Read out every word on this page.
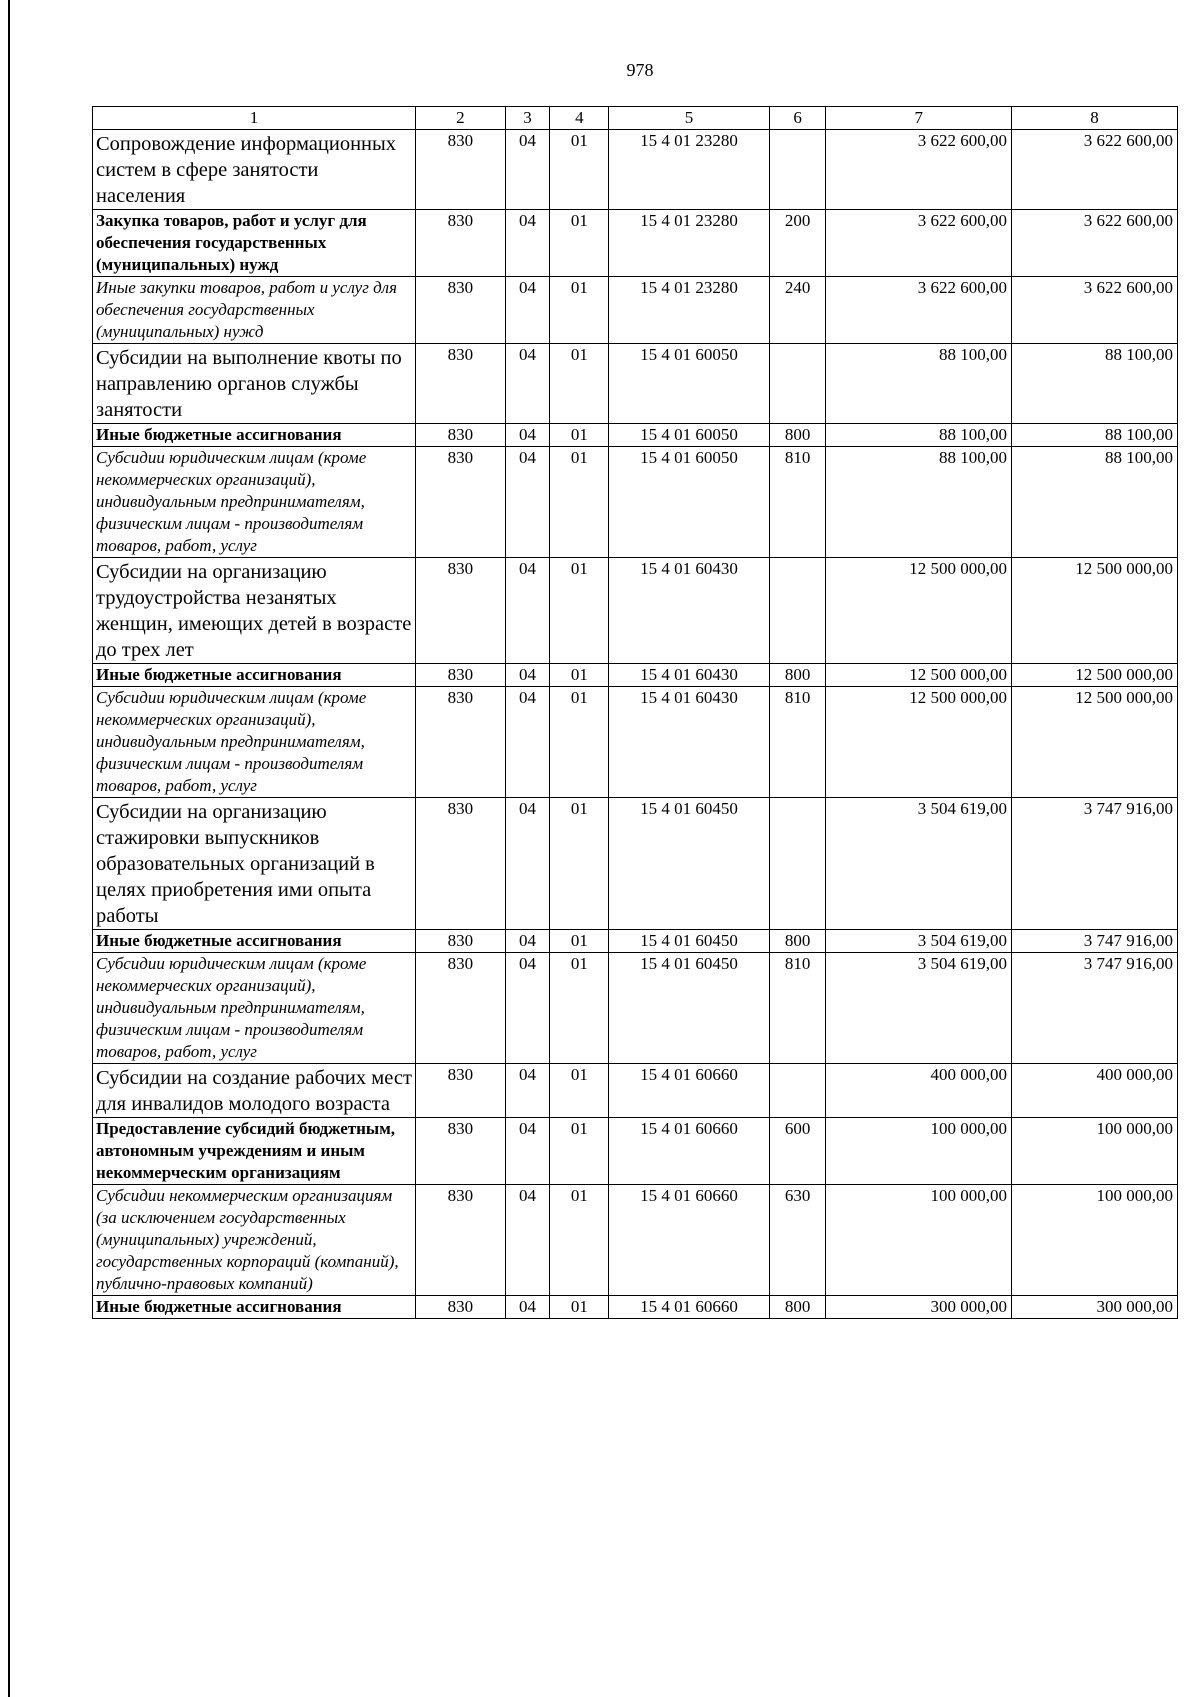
978
1	2	3	4	5	6	7	8
Сопровождение информационных систем в сфере занятости населения	830	04	01	15 4 01 23280		3 622 600,00	3 622 600,00
Закупка товаров, работ и услуг для обеспечения государственных (муниципальных) нужд	830	04	01	15 4 01 23280	200	3 622 600,00	3 622 600,00
Иные закупки товаров, работ и услуг для обеспечения государственных (муниципальных) нужд	830	04	01	15 4 01 23280	240	3 622 600,00	3 622 600,00
Субсидии на выполнение квоты по направлению органов службы занятости	830	04	01	15 4 01 60050		88 100,00	88 100,00
Иные бюджетные ассигнования	830	04	01	15 4 01 60050	800	88 100,00	88 100,00
Субсидии юридическим лицам (кроме некоммерческих организаций), индивидуальным предпринимателям, физическим лицам - производителям товаров, работ, услуг	830	04	01	15 4 01 60050	810	88 100,00	88 100,00
Субсидии на организацию трудоустройства незанятых женщин, имеющих детей в возрасте до трех лет	830	04	01	15 4 01 60430		12 500 000,00	12 500 000,00
Иные бюджетные ассигнования	830	04	01	15 4 01 60430	800	12 500 000,00	12 500 000,00
Субсидии юридическим лицам (кроме некоммерческих организаций), индивидуальным предпринимателям, физическим лицам - производителям товаров, работ, услуг	830	04	01	15 4 01 60430	810	12 500 000,00	12 500 000,00
Субсидии на организацию стажировки выпускников образовательных организаций в целях приобретения ими опыта работы	830	04	01	15 4 01 60450		3 504 619,00	3 747 916,00
Иные бюджетные ассигнования	830	04	01	15 4 01 60450	800	3 504 619,00	3 747 916,00
Субсидии юридическим лицам (кроме некоммерческих организаций), индивидуальным предпринимателям, физическим лицам - производителям товаров, работ, услуг	830	04	01	15 4 01 60450	810	3 504 619,00	3 747 916,00
Субсидии на создание рабочих мест для инвалидов молодого возраста	830	04	01	15 4 01 60660		400 000,00	400 000,00
Предоставление субсидий бюджетным, автономным учреждениям и иным некоммерческим организациям	830	04	01	15 4 01 60660	600	100 000,00	100 000,00
Субсидии некоммерческим организациям (за исключением государственных (муниципальных) учреждений, государственных корпораций (компаний), публично-правовых компаний)	830	04	01	15 4 01 60660	630	100 000,00	100 000,00
Иные бюджетные ассигнования	830	04	01	15 4 01 60660	800	300 000,00	300 000,00
